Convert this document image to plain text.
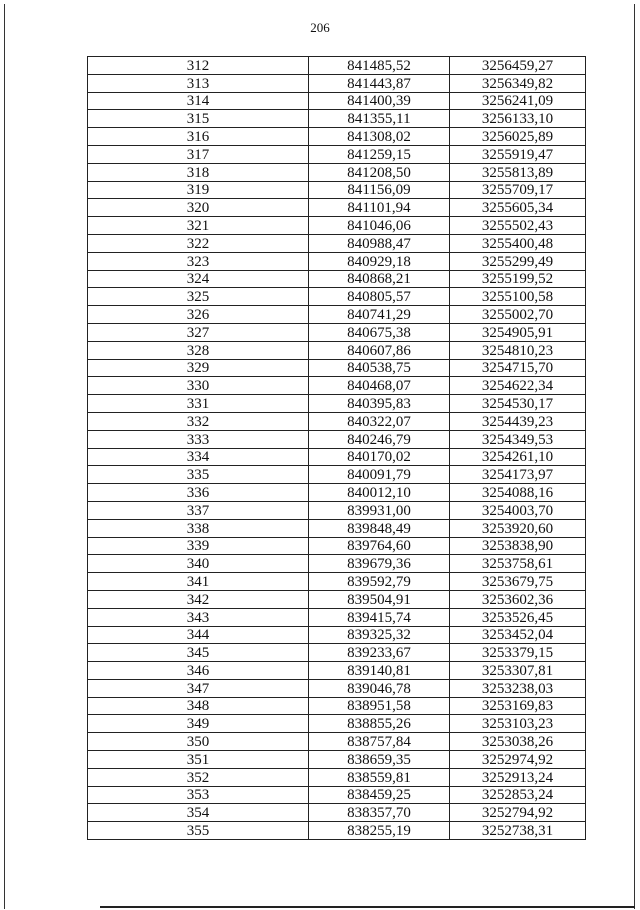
206
312	841485,52	3256459,27
313	841443,87	3256349,82
314	841400,39	3256241,09
315	841355,11	3256133,10
316	841308,02	3256025,89
317	841259,15	3255919,47
318	841208,50	3255813,89
319	841156,09	3255709,17
320	841101,94	3255605,34
321	841046,06	3255502,43
322	840988,47	3255400,48
323	840929,18	3255299,49
324	840868,21	3255199,52
325	840805,57	3255100,58
326	840741,29	3255002,70
327	840675,38	3254905,91
328	840607,86	3254810,23
329	840538,75	3254715,70
330	840468,07	3254622,34
331	840395,83	3254530,17
332	840322,07	3254439,23
333	840246,79	3254349,53
334	840170,02	3254261,10
335	840091,79	3254173,97
336	840012,10	3254088,16
337	839931,00	3254003,70
338	839848,49	3253920,60
339	839764,60	3253838,90
340	839679,36	3253758,61
341	839592,79	3253679,75
342	839504,91	3253602,36
343	839415,74	3253526,45
344	839325,32	3253452,04
345	839233,67	3253379,15
346	839140,81	3253307,81
347	839046,78	3253238,03
348	838951,58	3253169,83
349	838855,26	3253103,23
350	838757,84	3253038,26
351	838659,35	3252974,92
352	838559,81	3252913,24
353	838459,25	3252853,24
354	838357,70	3252794,92
355	838255,19	3252738,31
